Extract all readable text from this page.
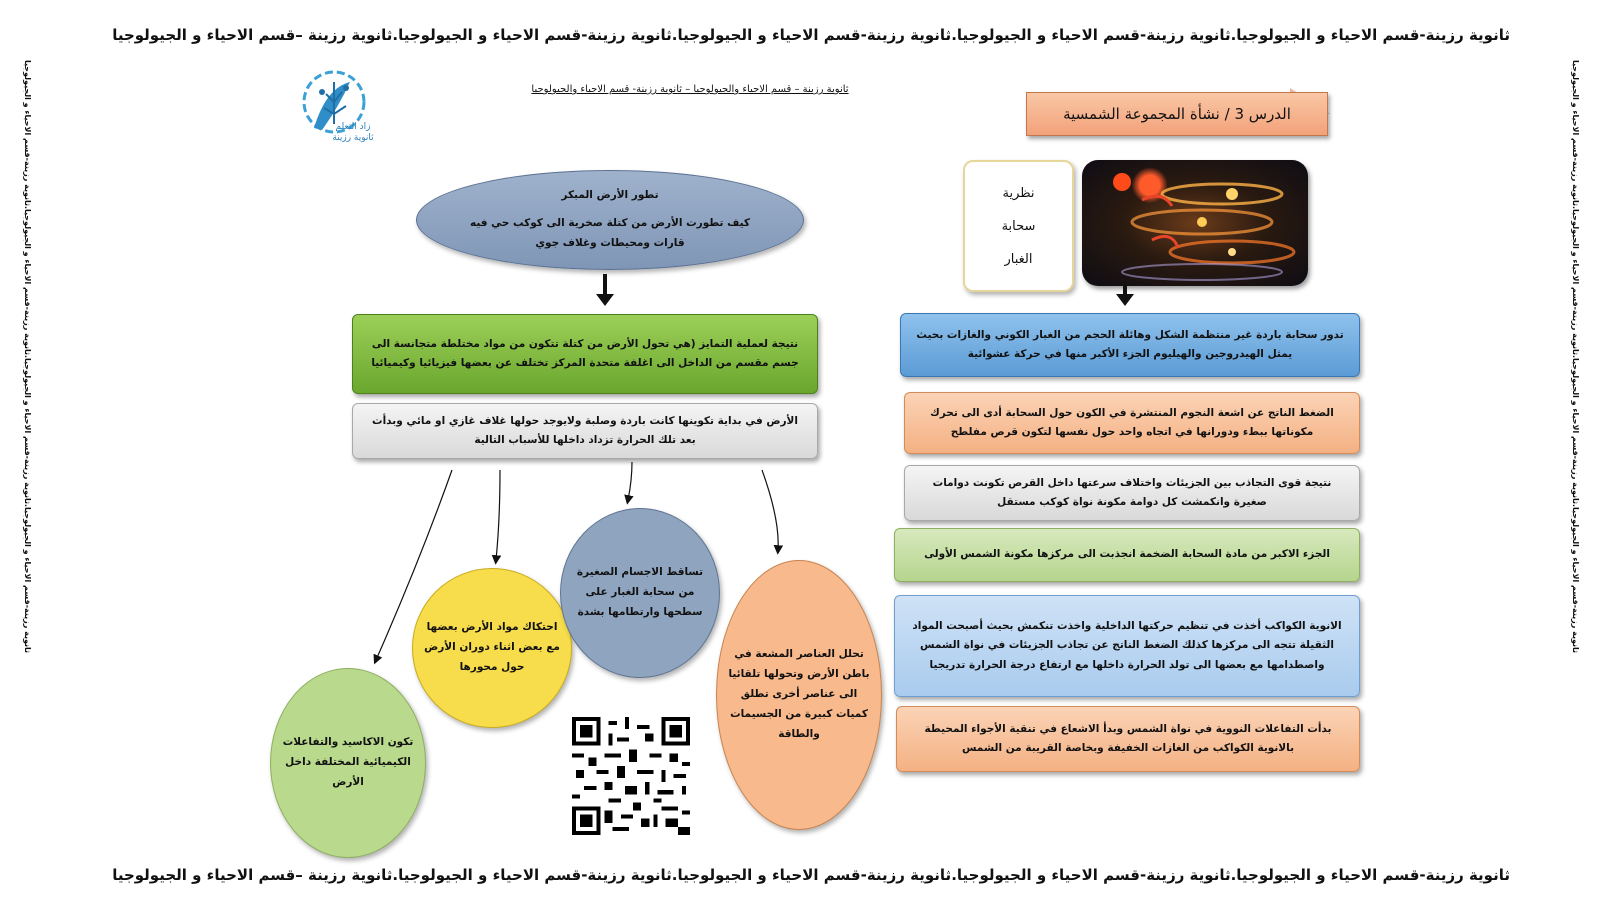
ثانوية رزينة-قسم الاحياء و الجيولوجيا.ثانوية رزينة-قسم الاحياء و الجيولوجيا.ثانوية رزينة-قسم الاحياء و الجيولوجيا.ثانوية رزينة-قسم الاحياء و الجيولوجيا.ثانوية رزينة –قسم الاحياء و الجيولوجيا
ثانوية رزينة-قسم الاحياء و الجيولوجيا.ثانوية رزينة-قسم الاحياء و الجيولوجيا.ثانوية رزينة-قسم الاحياء و الجيولوجيا.ثانوية رزينة-قسم الاحياء و الجيولوجيا.ثانوية رزينة –قسم الاحياء و الجيولوجيا
ثانوية رزينة-قسم الاحياء و الجيولوجيا.ثانوية رزينة-قسم الاحياء و الجيولوجيا.ثانوية رزينة-قسم الاحياء و الجيولوجيا.ثانوية رزينة-قسم الاحياء و الجيولوجيا	ثانوية رزينة-قسم الاحياء و الجيولوجيا.ثانوية رزينة-قسم الاحياء و الجيولوجيا.ثانوية رزينة-قسم الاحياء و الجيولوجيا.ثانوية رزينة-قسم الاحياء و الجيولوجيا
ثانوية رزينة – قسم الاحياء والجيولوجيا – ثانوية رزينة- قسم الاحياء والجيولوجيا
زاد التعلم ثانوية رزينة
الدرس 3 / نشأة المجموعة الشمسية
نظرية
سحابة
الغبار
تدور سحابة باردة غير منتظمة الشكل وهائلة الحجم من الغبار الكوني والغازات بحيث يمثل الهيدروجين والهيليوم الجزء الأكبر منها في حركة عشوائية
الضغط الناتج عن اشعة النجوم المنتشرة في الكون حول السحابة أدى الى تحرك مكوناتها ببطء ودورانها في اتجاه واحد حول نفسها لتكون قرص مفلطح
نتيجة قوى التجاذب بين الجزيئات واختلاف سرعتها داخل القرص تكونت دوامات صغيرة وانكمشت كل دوامة مكونة نواة كوكب مستقل
الجزء الاكبر من مادة السحابة الضخمة انجذبت الى مركزها مكونة الشمس الأولى
الانوية الكواكب أخذت في تنظيم حركتها الداخلية واخذت تنكمش بحيث أصبحت المواد الثقيلة تتجه الى مركزها كذلك الضغط الناتج عن تجاذب الجزيئات في نواة الشمس واصطدامها مع بعضها الى تولد الحرارة داخلها مع ارتفاع درجة الحرارة تدريجيا
بدأت التفاعلات النووية في نواة الشمس وبدأ الاشعاع في تنقية الأجواء المحيطة بالانوية الكواكب من الغازات الخفيفة وبخاصة القريبة من الشمس
تطور الأرض المبكر
كيف تطورت الأرض من كتلة صخرية الى كوكب حي فيه قارات ومحيطات وغلاف جوي
نتيجة لعملية التمايز (هي تحول الأرض من كتلة تتكون من مواد مختلطة متجانسة الى جسم مقسم من الداخل الى اغلفة متحدة المركز تختلف عن بعضها فيزيائيا وكيميائيا
الأرض في بداية تكوينها كانت باردة وصلبة ولايوجد حولها غلاف غازي او مائي وبدأت بعد تلك الحرارة تزداد داخلها للأسباب التالية
تكون الاكاسيد والتفاعلات الكيميائية المختلفة داخل الأرض
احتكاك مواد الأرض بعضها مع بعض اثناء دوران الأرض حول محورها
تساقط الاجسام الصغيرة من سحابة الغبار على سطحها وارتطامها بشدة
تحلل العناصر المشعة في باطن الأرض وتحولها تلقائيا الى عناصر أخرى تطلق كميات كبيرة من الجسيمات والطاقة
